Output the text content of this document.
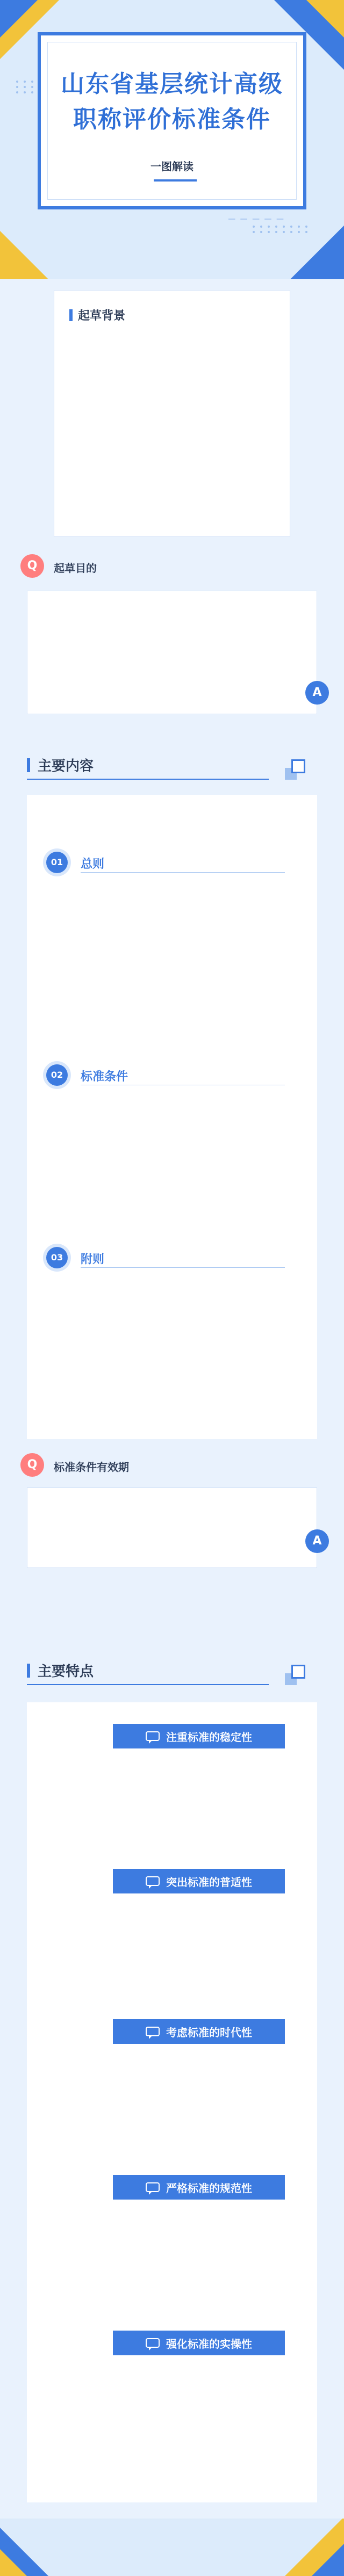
山东省基层统计高级职称评价标准条件
一图解读
— — — — —
起草背景

Q	起草目的

A
主要内容
01	总则

02	标准条件

03	附则

Q	标准条件有效期

A
主要特点
注重标准的稳定性

突出标准的普适性

考虑标准的时代性

严格标准的规范性

强化标准的实操性
